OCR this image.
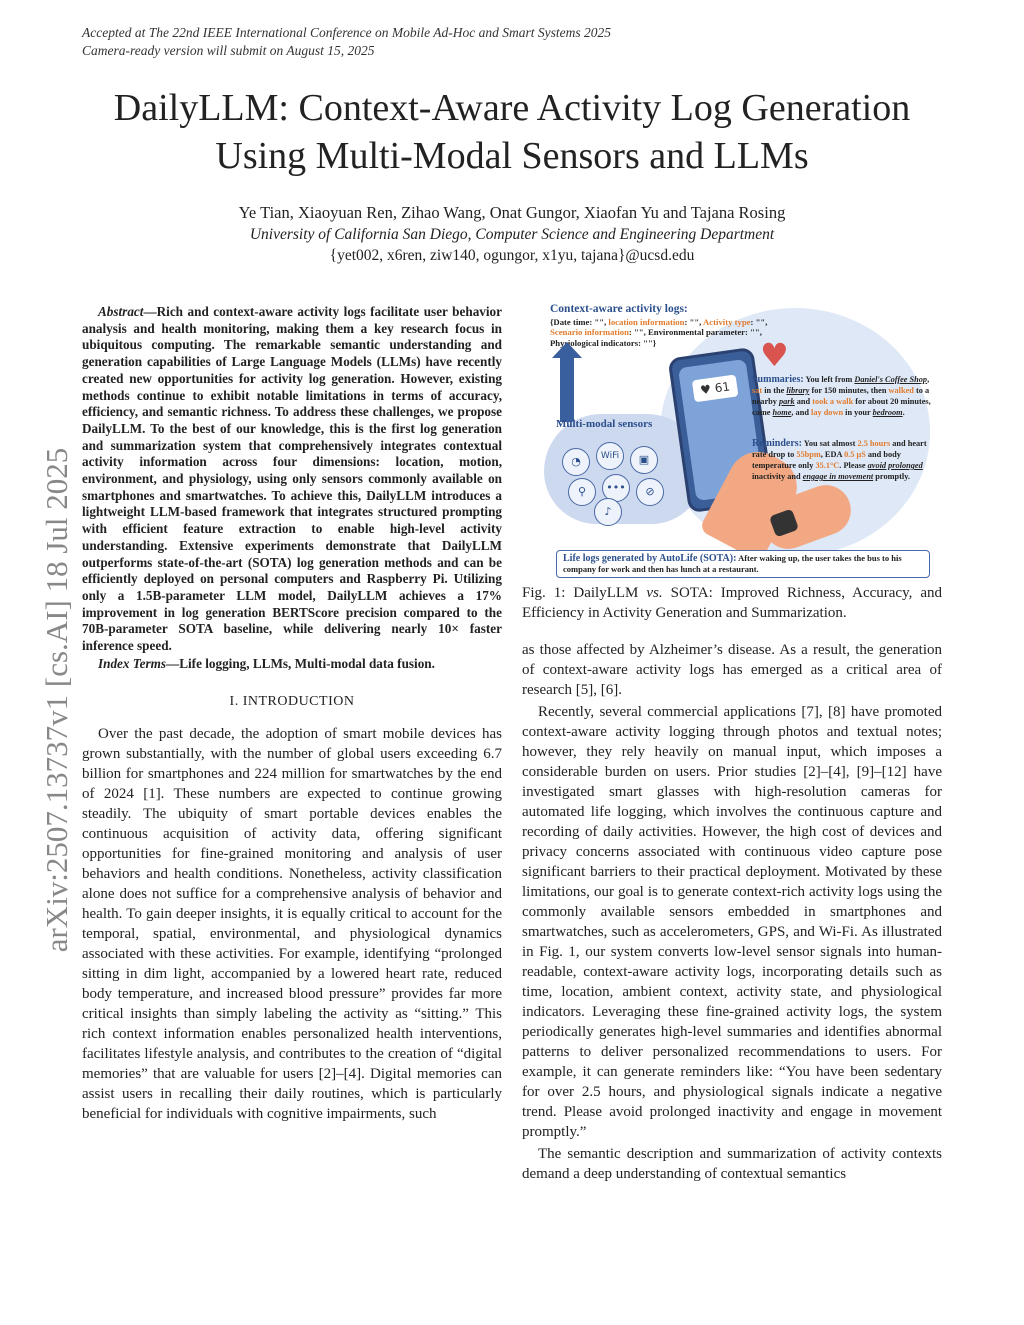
Accepted at The 22nd IEEE International Conference on Mobile Ad-Hoc and Smart Systems 2025
Camera-ready version will submit on August 15, 2025
DailyLLM: Context-Aware Activity Log Generation
Using Multi-Modal Sensors and LLMs
Ye Tian, Xiaoyuan Ren, Zihao Wang, Onat Gungor, Xiaofan Yu and Tajana Rosing
University of California San Diego, Computer Science and Engineering Department
{yet002, x6ren, ziw140, ogungor, x1yu, tajana}@ucsd.edu
arXiv:2507.13737v1 [cs.AI] 18 Jul 2025

Abstract—Rich and context-aware activity logs facilitate user behavior analysis and health monitoring, making them a key research focus in ubiquitous computing. The remarkable semantic understanding and generation capabilities of Large Language Models (LLMs) have recently created new opportunities for activity log generation. However, existing methods continue to exhibit notable limitations in terms of accuracy, efficiency, and semantic richness. To address these challenges, we propose DailyLLM. To the best of our knowledge, this is the first log generation and summarization system that comprehensively integrates contextual activity information across four dimensions: location, motion, environment, and physiology, using only sensors commonly available on smartphones and smartwatches. To achieve this, DailyLLM introduces a lightweight LLM-based framework that integrates structured prompting with efficient feature extraction to enable high-level activity understanding. Extensive experiments demonstrate that DailyLLM outperforms state-of-the-art (SOTA) log generation methods and can be efficiently deployed on personal computers and Raspberry Pi. Utilizing only a 1.5B-parameter LLM model, DailyLLM achieves a 17% improvement in log generation BERTScore precision compared to the 70B-parameter SOTA baseline, while delivering nearly 10× faster inference speed.

Index Terms—Life logging, LLMs, Multi-modal data fusion.

I. INTRODUCTION

Over the past decade, the adoption of smart mobile devices has grown substantially, with the number of global users exceeding 6.7 billion for smartphones and 224 million for smartwatches by the end of 2024 [1]. These numbers are expected to continue growing steadily. The ubiquity of smart portable devices enables the continuous acquisition of activity data, offering significant opportunities for fine-grained monitoring and analysis of user behaviors and health conditions. Nonetheless, activity classification alone does not suffice for a comprehensive analysis of behavior and health. To gain deeper insights, it is equally critical to account for the temporal, spatial, environmental, and physiological dynamics associated with these activities. For example, identifying “prolonged sitting in dim light, accompanied by a lowered heart rate, reduced body temperature, and increased blood pressure” provides far more critical insights than simply labeling the activity as “sitting.” This rich context information enables personalized health interventions, facilitates lifestyle analysis, and contributes to the creation of “digital memories” that are valuable for users [2]–[4]. Digital memories can assist users in recalling their daily routines, which is particularly beneficial for individuals with cognitive impairments, such

Context-aware activity logs:
{Date time: "", location information: "", Activity type: "",
Scenario information: "", Environmental parameter: "",
Physiological indicators: ""}
Multi-modal sensors
◔	WiFi	▣
⚲	•••	⊘
♪
♥ 61
♥
Summaries: You left from Daniel's Coffee Shop, sat in the library for 150 minutes, then walked to a nearby park and took a walk for about 20 minutes, came home, and lay down in your bedroom.
Reminders: You sat almost 2.5 hours and heart rate drop to 55bpm, EDA 0.5 μS and body temperature only 35.1°C. Please avoid prolonged inactivity and engage in movement promptly.
Life logs generated by AutoLife (SOTA): After waking up, the user takes the bus to his company for work and then has lunch at a restaurant.
Fig. 1: DailyLLM vs. SOTA: Improved Richness, Accuracy, and Efficiency in Activity Generation and Summarization.

as those affected by Alzheimer’s disease. As a result, the generation of context-aware activity logs has emerged as a critical area of research [5], [6].

Recently, several commercial applications [7], [8] have promoted context-aware activity logging through photos and textual notes; however, they rely heavily on manual input, which imposes a considerable burden on users. Prior studies [2]–[4], [9]–[12] have investigated smart glasses with high-resolution cameras for automated life logging, which involves the continuous capture and recording of daily activities. However, the high cost of devices and privacy concerns associated with continuous video capture pose significant barriers to their practical deployment. Motivated by these limitations, our goal is to generate context-rich activity logs using the commonly available sensors embedded in smartphones and smartwatches, such as accelerometers, GPS, and Wi-Fi. As illustrated in Fig. 1, our system converts low-level sensor signals into human-readable, context-aware activity logs, incorporating details such as time, location, ambient context, activity state, and physiological indicators. Leveraging these fine-grained activity logs, the system periodically generates high-level summaries and identifies abnormal patterns to deliver personalized recommendations to users. For example, it can generate reminders like: “You have been sedentary for over 2.5 hours, and physiological signals indicate a negative trend. Please avoid prolonged inactivity and engage in movement promptly.”

The semantic description and summarization of activity contexts demand a deep understanding of contextual semantics
